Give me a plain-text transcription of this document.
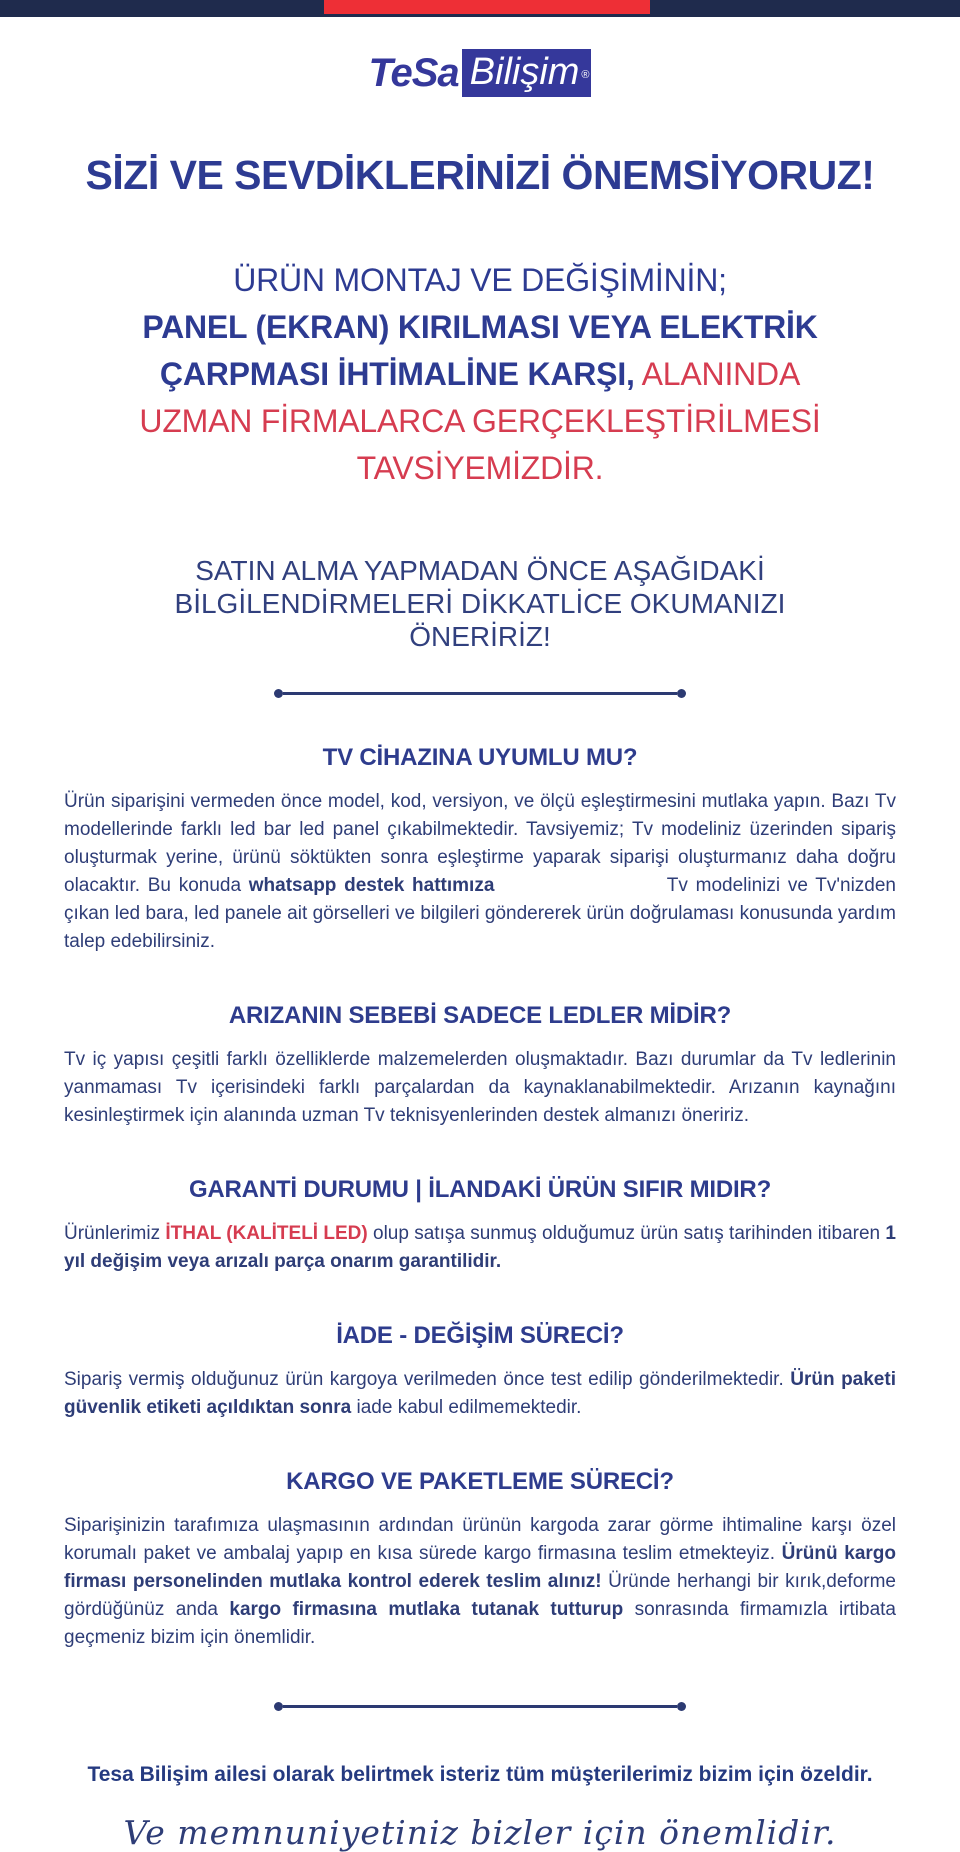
TeSa Bilişim ®
SİZİ VE SEVDİKLERİNİZİ ÖNEMSİYORUZ!
ÜRÜN MONTAJ VE DEĞİŞİMİNİN;
PANEL (EKRAN) KIRILMASI VEYA ELEKTRİK
ÇARPMASI İHTİMALİNE KARŞI, ALANINDA
UZMAN FİRMALARCA GERÇEKLEŞTİRİLMESİ
TAVSİYEMİZDİR.
SATIN ALMA YAPMADAN ÖNCE AŞAĞIDAKİ BİLGİLENDİRMELERİ DİKKATLİCE OKUMANIZI ÖNERİRİZ!
TV CİHAZINA UYUMLU MU?

Ürün siparişini vermeden önce model, kod, versiyon, ve ölçü eşleştirmesini mutlaka yapın. Bazı Tv modellerinde farklı led bar led panel çıkabilmektedir. Tavsiyemiz; Tv modeliniz üzerinden sipariş oluşturmak yerine, ürünü söktükten sonra eşleştirme yaparak siparişi oluşturmanız daha doğru olacaktır. Bu konuda whatsapp destek hattımıza	Tv modelinizi ve Tv'nizden çıkan led bara, led panele ait görselleri ve bilgileri göndererek ürün doğrulaması konusunda yardım talep edebilirsiniz.

ARIZANIN SEBEBİ SADECE LEDLER MİDİR?

Tv iç yapısı çeşitli farklı özelliklerde malzemelerden oluşmaktadır. Bazı durumlar da Tv ledlerinin yanmaması Tv içerisindeki farklı parçalardan da kaynaklanabilmektedir. Arızanın kaynağını kesinleştirmek için alanında uzman Tv teknisyenlerinden destek almanızı öneririz.

GARANTİ DURUMU | İLANDAKİ ÜRÜN SIFIR MIDIR?

Ürünlerimiz İTHAL (KALİTELİ LED) olup satışa sunmuş olduğumuz ürün satış tarihinden itibaren 1 yıl değişim veya arızalı parça onarım garantilidir.

İADE - DEĞİŞİM SÜRECİ?

Sipariş vermiş olduğunuz ürün kargoya verilmeden önce test edilip gönderilmektedir. Ürün paketi güvenlik etiketi açıldıktan sonra iade kabul edilmemektedir.

KARGO VE PAKETLEME SÜRECİ?

Siparişinizin tarafımıza ulaşmasının ardından ürünün kargoda zarar görme ihtimaline karşı özel korumalı paket ve ambalaj yapıp en kısa sürede kargo firmasına teslim etmekteyiz. Ürünü kargo firması personelinden mutlaka kontrol ederek teslim alınız! Üründe herhangi bir kırık,deforme gördüğünüz anda kargo firmasına mutlaka tutanak tutturup sonrasında firmamızla irtibata geçmeniz bizim için önemlidir.

Tesa Bilişim ailesi olarak belirtmek isteriz tüm müşterilerimiz bizim için özeldir.
Ve memnuniyetiniz bizler için önemlidir.
